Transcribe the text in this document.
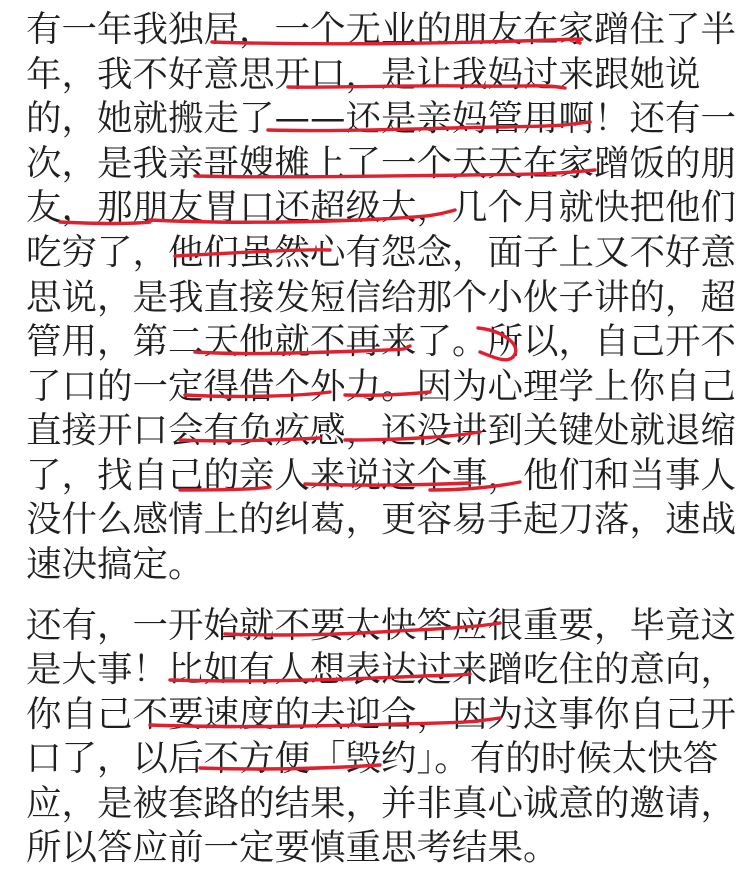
有一年我独居，一个无业的朋友在家蹭住了半
年，我不好意思开口，是让我妈过来跟她说
的，她就搬走了——还是亲妈管用啊！还有一
次，是我亲哥嫂摊上了一个天天在家蹭饭的朋
友，那朋友胃口还超级大，几个月就快把他们
吃穷了，他们虽然心有怨念，面子上又不好意
思说，是我直接发短信给那个小伙子讲的，超
管用，第二天他就不再来了。所以，自己开不
了口的一定得借个外力。因为心理学上你自己
直接开口会有负疚感，还没讲到关键处就退缩
了，找自己的亲人来说这个事，他们和当事人
没什么感情上的纠葛，更容易手起刀落，速战
速决搞定。
还有，一开始就不要太快答应很重要，毕竟这
是大事！比如有人想表达过来蹭吃住的意向，
你自己不要速度的去迎合，因为这事你自己开
口了，以后不方便「毁约」。有的时候太快答
应，是被套路的结果，并非真心诚意的邀请，
所以答应前一定要慎重思考结果。
